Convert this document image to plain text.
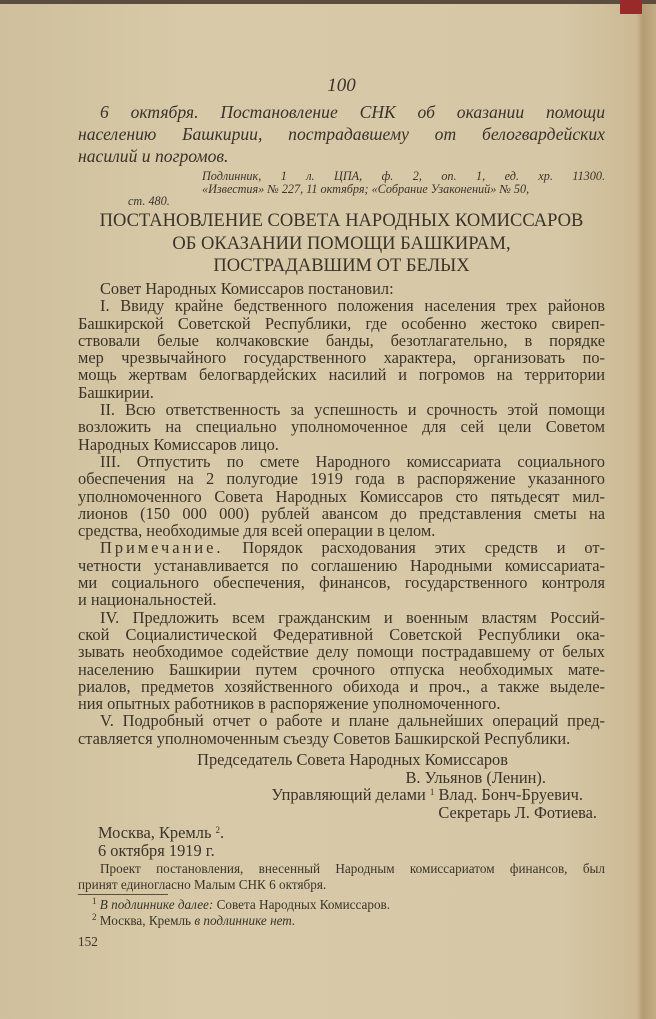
100
6 октября. Постановление СНК об оказании помощи
населению Башкирии, пострадавшему от белогвардейских
насилий и погромов.
Подлинник, 1 л. ЦПА, ф. 2, оп. 1, ед. хр. 11300.
«Известия» № 227, 11 октября; «Собрание Узаконений» № 50,
ст. 480.
ПОСТАНОВЛЕНИЕ СОВЕТА НАРОДНЫХ КОМИССАРОВ
ОБ ОКАЗАНИИ ПОМОЩИ БАШКИРАМ,
ПОСТРАДАВШИМ ОТ БЕЛЫХ
Совет Народных Комиссаров постановил:
I. Ввиду крайне бедственного положения населения трех районов
Башкирской Советской Республики, где особенно жестоко свиреп-
ствовали белые колчаковские банды, безотлагательно, в порядке
мер чрезвычайного государственного характера, организовать по-
мощь жертвам белогвардейских насилий и погромов на территории
Башкирии.
II. Всю ответственность за успешность и срочность этой помощи
возложить на специально уполномоченное для сей цели Советом
Народных Комиссаров лицо.
III. Отпустить по смете Народного комиссариата социального
обеспечения на 2 полугодие 1919 года в распоряжение указанного
уполномоченного Совета Народных Комиссаров сто пятьдесят мил-
лионов (150 000 000) рублей авансом до представления сметы на
средства, необходимые для всей операции в целом.
Примечание. Порядок расходования этих средств и от-
четности устанавливается по соглашению Народными комиссариата-
ми социального обеспечения, финансов, государственного контроля
и национальностей.
IV. Предложить всем гражданским и военным властям Россий-
ской Социалистической Федеративной Советской Республики ока-
зывать необходимое содействие делу помощи пострадавшему от белых
населению Башкирии путем срочного отпуска необходимых мате-
риалов, предметов хозяйственного обихода и проч., а также выделе-
ния опытных работников в распоряжение уполномоченного.
V. Подробный отчет о работе и плане дальнейших операций пред-
ставляется уполномоченным съезду Советов Башкирской Республики.
Председатель Совета Народных Комиссаров
В. Ульянов (Ленин).
Управляющий делами $^1$ Влад. Бонч-Бруевич.
Секретарь Л. Фотиева.
Москва, Кремль $^2$.
6 октября 1919 г.
Проект постановления, внесенный Народным комиссариатом финансов, был
принят единогласно Малым СНК 6 октября.
$^1$ В подлиннике далее: Совета Народных Комиссаров.
$^2$ Москва, Кремль в подлиннике нет.
152
